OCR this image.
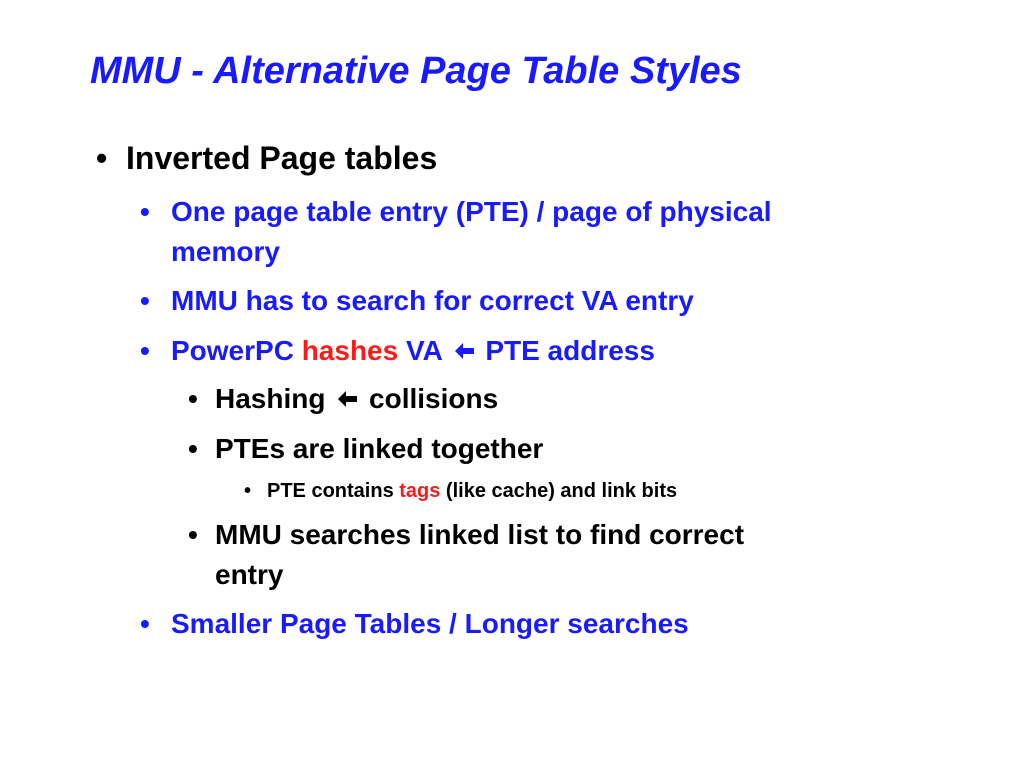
MMU - Alternative Page Table Styles
• Inverted Page tables
• One page table entry (PTE) / page of physical
memory
• MMU has to search for correct VA entry
• PowerPC hashes VA  PTE address
• Hashing  collisions
• PTEs are linked together
• PTE contains tags (like cache) and link bits
• MMU searches linked list to find correct
entry
• Smaller Page Tables / Longer searches
